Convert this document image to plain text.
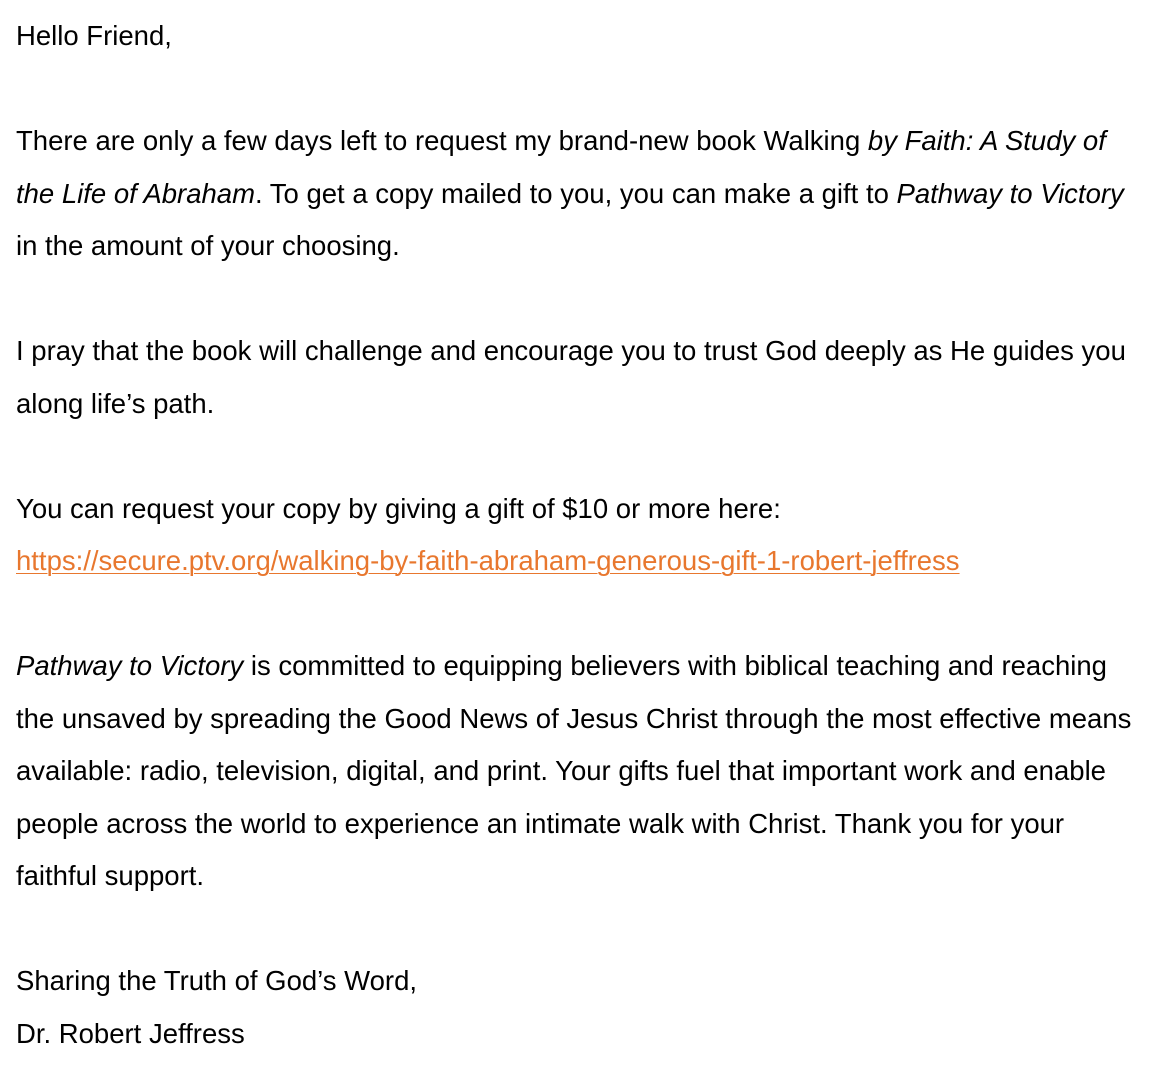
Hello Friend,

There are only a few days left to request my brand-new book Walking by Faith: A Study of the Life of Abraham. To get a copy mailed to you, you can make a gift to Pathway to Victory in the amount of your choosing.

I pray that the book will challenge and encourage you to trust God deeply as He guides you along life’s path.

You can request your copy by giving a gift of $10 or more here:
https://secure.ptv.org/walking-by-faith-abraham-generous-gift-1-robert-jeffress

Pathway to Victory is committed to equipping believers with biblical teaching and reaching the unsaved by spreading the Good News of Jesus Christ through the most effective means available: radio, television, digital, and print. Your gifts fuel that important work and enable people across the world to experience an intimate walk with Christ. Thank you for your faithful support.

Sharing the Truth of God’s Word,

Dr. Robert Jeffress
